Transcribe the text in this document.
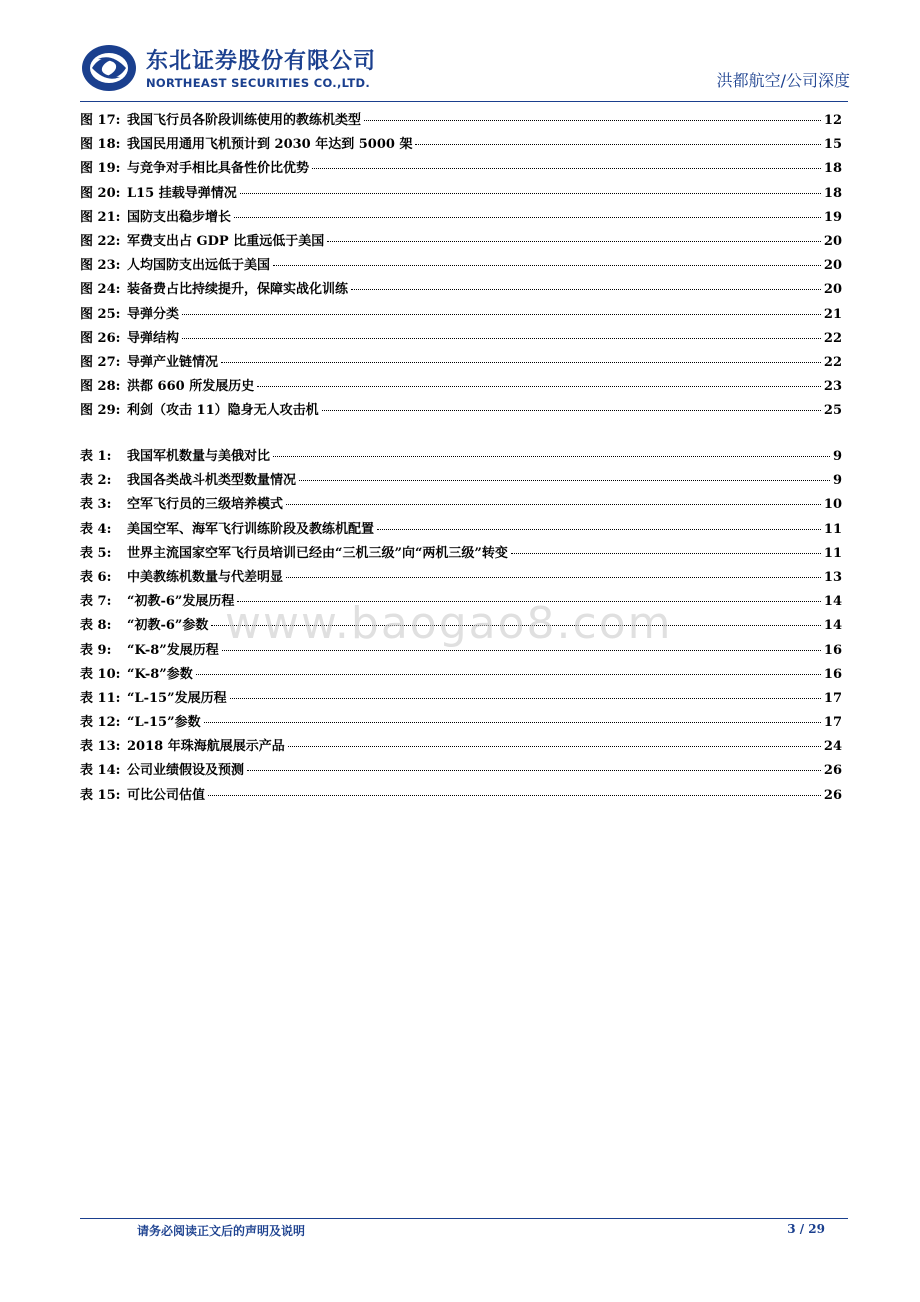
东北证券股份有限公司
NORTHEAST SECURITIES CO.,LTD.	洪都航空/公司深度
图 17: 我国飞行员各阶段训练使用的教练机类型	12
图 18: 我国民用通用飞机预计到 2030 年达到 5000 架	15
图 19: 与竞争对手相比具备性价比优势	18
图 20: L15 挂载导弹情况	18
图 21: 国防支出稳步增长	19
图 22: 军费支出占 GDP 比重远低于美国	20
图 23: 人均国防支出远低于美国	20
图 24: 装备费占比持续提升，保障实战化训练	20
图 25: 导弹分类	21
图 26: 导弹结构	22
图 27: 导弹产业链情况	22
图 28: 洪都 660 所发展历史	23
图 29: 利剑（攻击 11）隐身无人攻击机	25
表 1:	我国军机数量与美俄对比	9
表 2:	我国各类战斗机类型数量情况	9
表 3:	空军飞行员的三级培养模式	10
表 4:	美国空军、海军飞行训练阶段及教练机配置	11
表 5:	世界主流国家空军飞行员培训已经由“三机三级”向“两机三级”转变	11
表 6:	中美教练机数量与代差明显	13
表 7:	“初教-6”发展历程	14
表 8:	“初教-6”参数	14
表 9:	“K-8”发展历程	16
表 10: “K-8”参数	16
表 11: “L-15”发展历程	17
表 12: “L-15”参数	17
表 13: 2018 年珠海航展展示产品	24
表 14: 公司业绩假设及预测	26
表 15: 可比公司估值	26
www.baogao8.com
请务必阅读正文后的声明及说明	3 / 29
